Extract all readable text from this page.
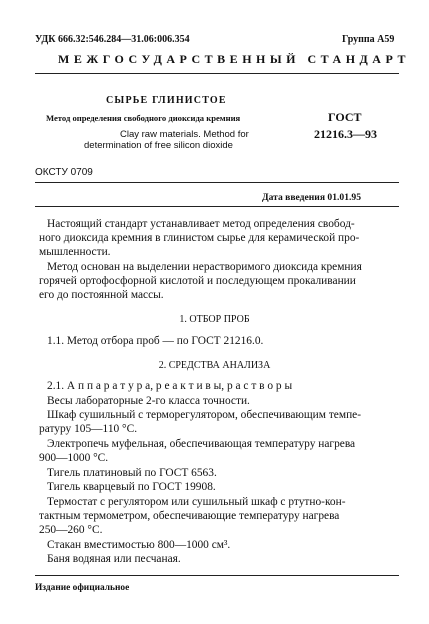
УДК 666.32:546.284—31.06:006.354	Группа А59
МЕЖГОСУДАРСТВЕННЫЙ СТАНДАРТ
СЫРЬЕ ГЛИНИСТОЕ
Метод определения свободного диоксида кремния
Clay raw materials. Method for
determination of free silicon dioxide
ГОСТ
21216.3—93
ОКСТУ 0709
Дата введения 01.01.95
Настоящий стандарт устанавливает метод определения свобод-
ного диоксида кремния в глинистом сырье для керамической про-
мышленности.
Метод основан на выделении нерастворимого диоксида кремния
горячей ортофосфорной кислотой и последующем прокаливании
его до постоянной массы.
1. ОТБОР ПРОБ
1.1. Метод отбора проб — по ГОСТ 21216.0.
2. СРЕДСТВА АНАЛИЗА
2.1. А п п а р а т у р а, р е а к т и в ы, р а с т в о р ы
Весы лабораторные 2-го класса точности.
Шкаф сушильный с терморегулятором, обеспечивающим темпе-
ратуру 105—110 °С.
Электропечь муфельная, обеспечивающая температуру нагрева
900—1000 °С.
Тигель платиновый по ГОСТ 6563.
Тигель кварцевый по ГОСТ 19908.
Термостат с регулятором или сушильный шкаф с ртутно-кон-
тактным термометром, обеспечивающие температуру нагрева
250—260 °С.
Стакан вместимостью 800—1000 см³.
Баня водяная или песчаная.
Издание официальное
